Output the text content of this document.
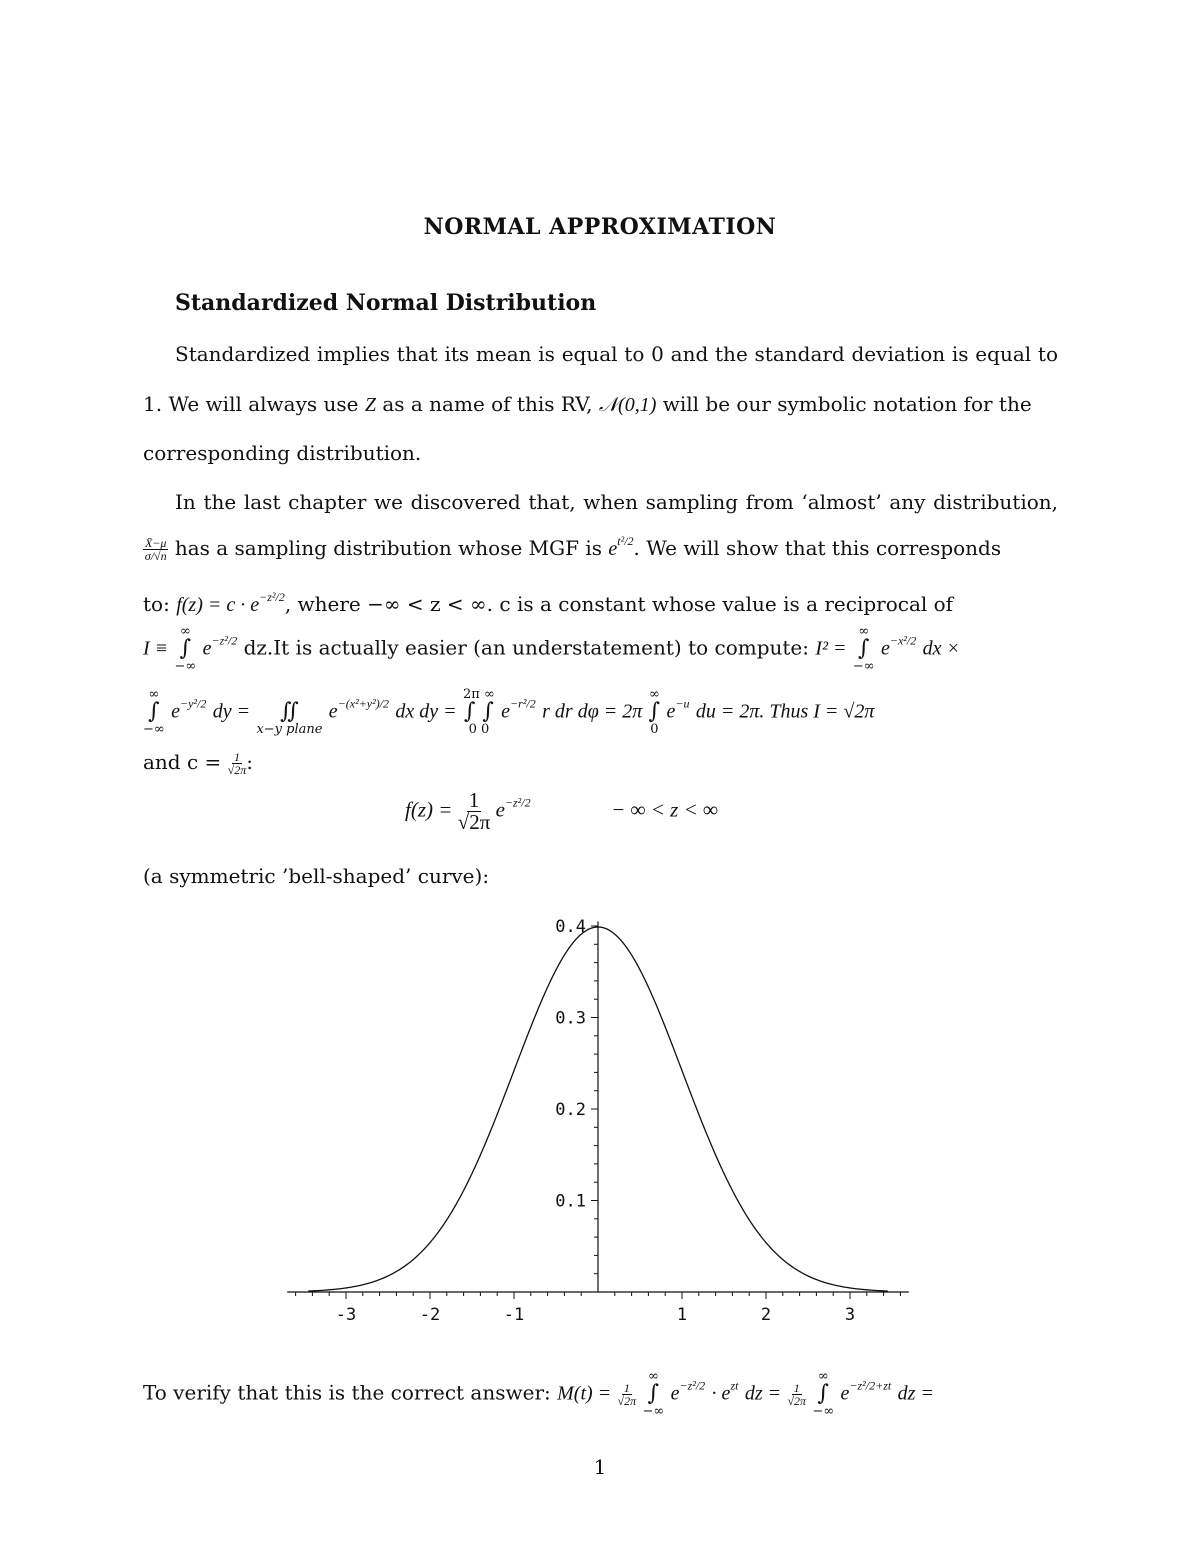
NORMAL APPROXIMATION
Standardized Normal Distribution
Standardized implies that its mean is equal to 0 and the standard deviation is equal to
1. We will always use Z as a name of this RV, 𝒩(0,1) will be our symbolic notation for the
corresponding distribution.
In the last chapter we discovered that, when sampling from ‘almost’ any distribution,
$\frac{X̄-\mu}{\sigma/√n}$ has a sampling distribution whose MGF is $e^{t^2/2}$. We will show that this corresponds
to: $f(z) = c \cdot e^{-z^2/2}$, where −∞ < z < ∞. c is a constant whose value is a reciprocal of
I ≡
∞
∫
−∞
$e^{-z^2/2}$ dz.It is actually easier (an understatement) to compute: I² =
∞
∫
−∞
$e^{-x^2/2}$ dx ×
∞
∫
−∞
$e^{-y^2/2}$ dy =
∬
x−y plane
$e^{-(x^2+y^2)/2}$ dx dy =
2π ∞
∫ ∫
0 0
$e^{-r^2/2}$ r dr dφ = 2π
∞
∫
0
$e^{-u}$ du = 2π. Thus I = √2π
and $c = \frac{1}{√2\pi}$ :
$f(z) = \frac{1}{√2\pi} e^{-z^2/2}$	− ∞ < z < ∞
(a symmetric ’bell-shaped’ curve):
-3	-2	-1	1	2	3
0.1
0.2
0.3
0.4
To verify that this is the correct answer: $M(t) = \frac{1}{√2\pi}$

∞
∫
−∞
$e^{-z^2/2} \cdot e^{zt}$ dz = $\frac{1}{√2\pi}$

∞
∫
−∞
$e^{-z^2/2+zt}$ dz =
1
